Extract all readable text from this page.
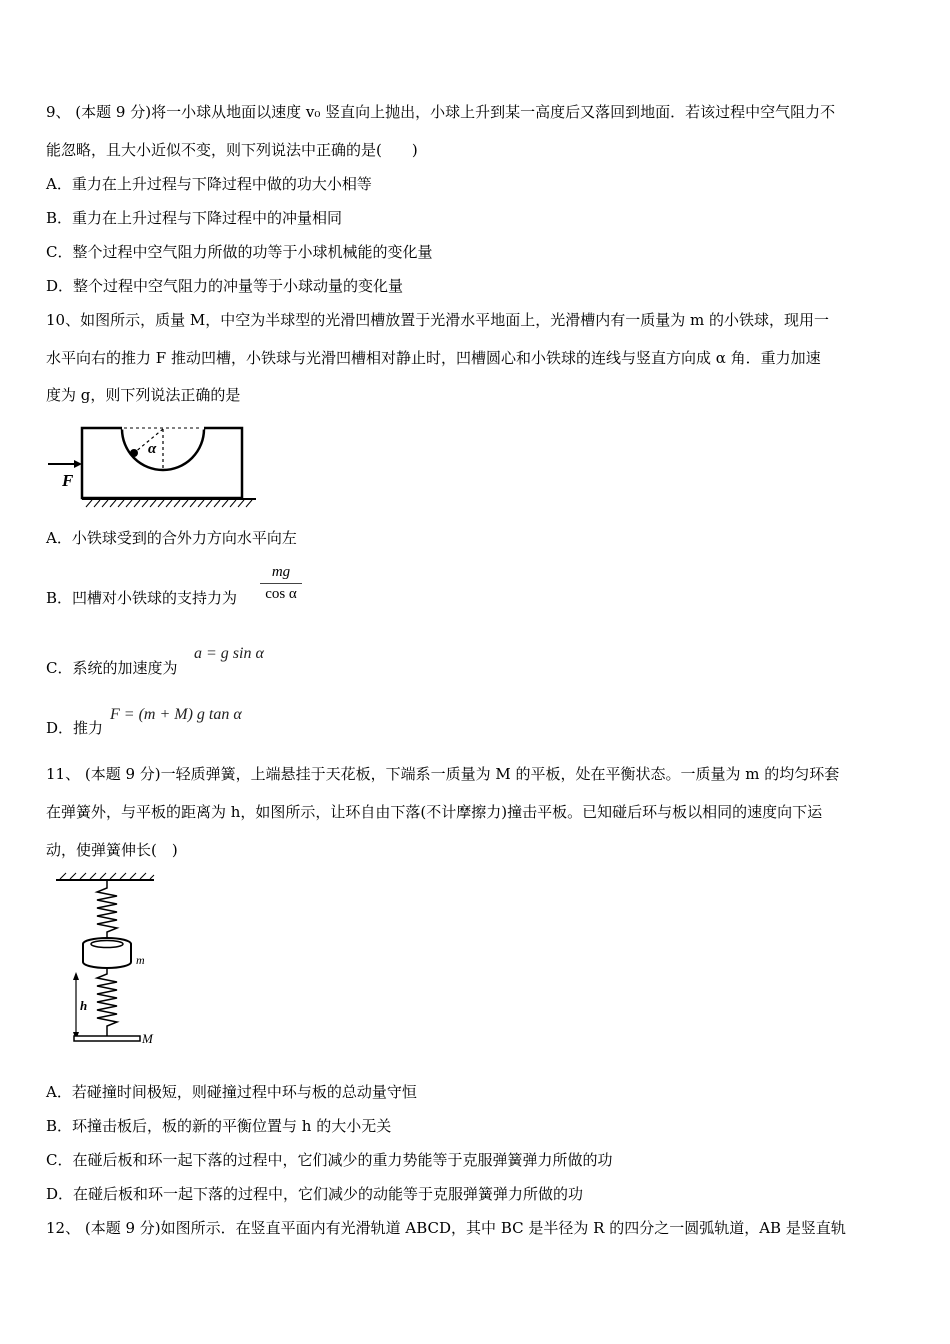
9、 (本题 9 分)将一小球从地面以速度 v₀ 竖直向上抛出，小球上升到某一高度后又落回到地面．若该过程中空气阻力不
能忽略，且大小近似不变，则下列说法中正确的是(　　)
A．重力在上升过程与下降过程中做的功大小相等
B．重力在上升过程与下降过程中的冲量相同
C．整个过程中空气阻力所做的功等于小球机械能的变化量
D．整个过程中空气阻力的冲量等于小球动量的变化量
10、如图所示，质量 M，中空为半球型的光滑凹槽放置于光滑水平地面上，光滑槽内有一质量为 m 的小铁球，现用一
水平向右的推力 F 推动凹槽，小铁球与光滑凹槽相对静止时，凹槽圆心和小铁球的连线与竖直方向成 α 角．重力加速
度为 g，则下列说法正确的是
α
F
A．小铁球受到的合外力方向水平向左
B．凹槽对小铁球的支持力为
mg
cos α
C．系统的加速度为
a = g sin α
D．推力
F = (m + M) g tan α
11、 (本题 9 分)一轻质弹簧，上端悬挂于天花板，下端系一质量为 M 的平板，处在平衡状态。一质量为 m 的均匀环套
在弹簧外，与平板的距离为 h，如图所示，让环自由下落(不计摩擦力)撞击平板。已知碰后环与板以相同的速度向下运
动，使弹簧伸长(　)
m
h
M
A．若碰撞时间极短，则碰撞过程中环与板的总动量守恒
B．环撞击板后，板的新的平衡位置与 h 的大小无关
C．在碰后板和环一起下落的过程中，它们减少的重力势能等于克服弹簧弹力所做的功
D．在碰后板和环一起下落的过程中，它们减少的动能等于克服弹簧弹力所做的功
12、 (本题 9 分)如图所示．在竖直平面内有光滑轨道 ABCD，其中 BC 是半径为 R 的四分之一圆弧轨道，AB 是竖直轨
